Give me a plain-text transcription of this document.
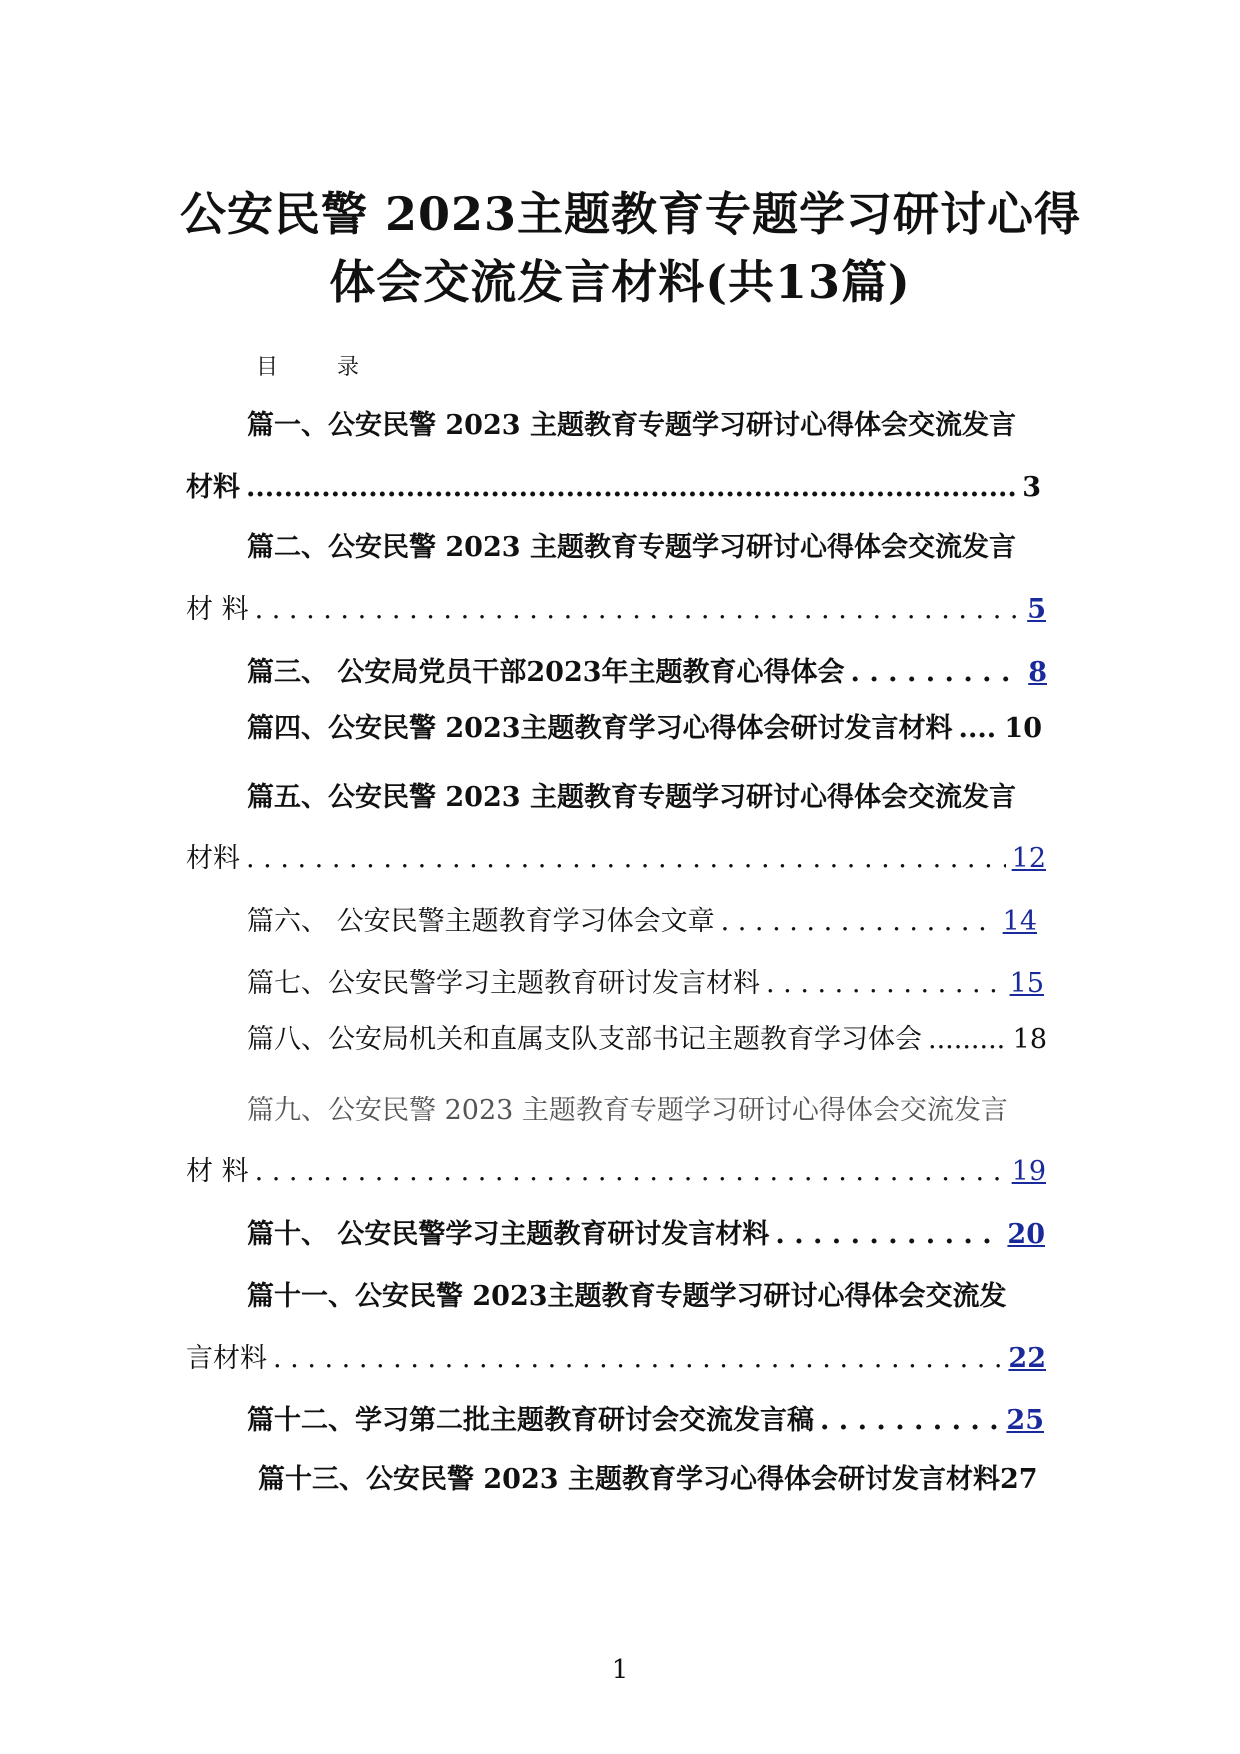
公安民警 2023主题教育专题学习研讨心得
体会交流发言材料(共13篇)
目 录
篇一、公安民警 2023 主题教育专题学习研讨心得体会交流发言
材料 .....	3
篇二、公安民警 2023 主题教育专题学习研讨心得体会交流发言
材 料 . . .	5
篇三、 公安局党员干部2023年主题教育心得体会 . . .	8
篇四、公安民警 2023主题教育学习心得体会研讨发言材料 ..... 10
篇五、公安民警 2023 主题教育专题学习研讨心得体会交流发言
材料 . . .	12
篇六、 公安民警主题教育学习体会文章 . . .	14
篇七、公安民警学习主题教育研讨发言材料 . . .	15
篇八、公安局机关和直属支队支部书记主题教育学习体会 .....	18
篇九、公安民警 2023 主题教育专题学习研讨心得体会交流发言
材 料 . . .	19
篇十、 公安民警学习主题教育研讨发言材料 . . .	20
篇十一、公安民警 2023主题教育专题学习研讨心得体会交流发
言材料 . . .	22
篇十二、学习第二批主题教育研讨会交流发言稿 . . .	25
篇十三、公安民警 2023 主题教育学习心得体会研讨发言材料 27
1
